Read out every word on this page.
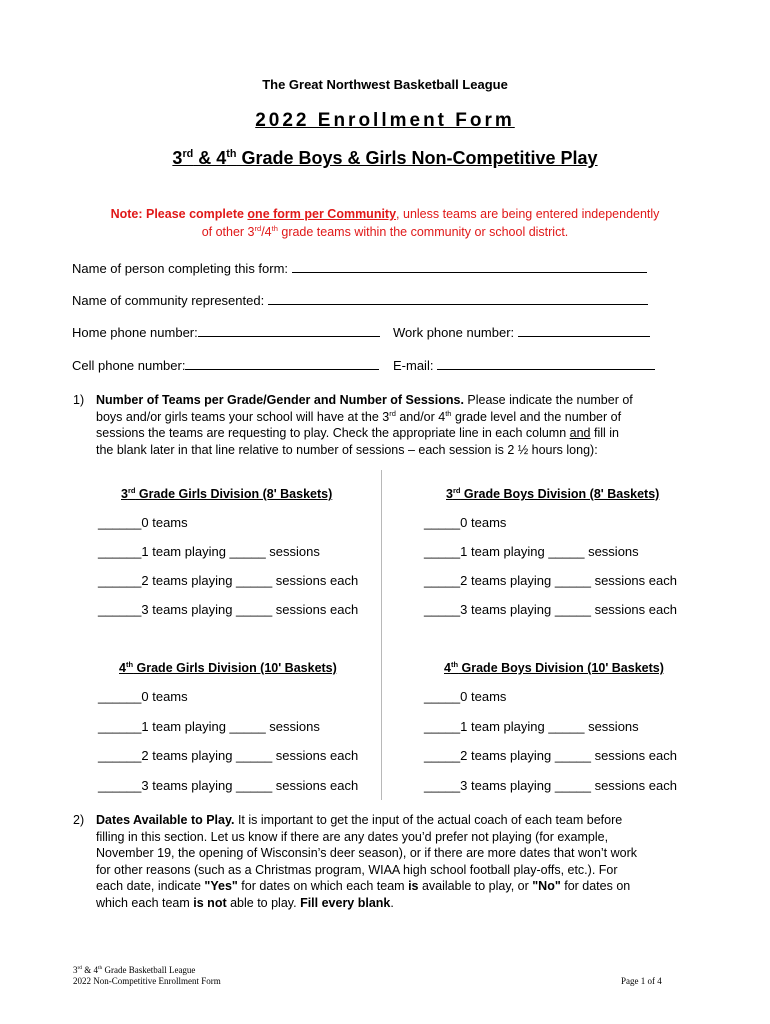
The Great Northwest Basketball League
2022 Enrollment Form
3rd & 4th Grade Boys & Girls Non-Competitive Play
Note: Please complete one form per Community, unless teams are being entered independently
of other 3rd/4th grade teams within the community or school district.
Name of person completing this form:
Name of community represented:
Home phone number:	Work phone number:
Cell phone number:	E-mail:
1) Number of Teams per Grade/Gender and Number of Sessions. Please indicate the number of
boys and/or girls teams your school will have at the 3rd and/or 4th grade level and the number of
sessions the teams are requesting to play. Check the appropriate line in each column and fill in
the blank later in that line relative to number of sessions – each session is 2 ½ hours long):
3rd Grade Girls Division (8' Baskets)	3rd Grade Boys Division (8' Baskets)
______0 teams
______1 team playing _____ sessions
______2 teams playing _____ sessions each
______3 teams playing _____ sessions each
_____0 teams
_____1 team playing _____ sessions
_____2 teams playing _____ sessions each
_____3 teams playing _____ sessions each
4th Grade Girls Division (10' Baskets)	4th Grade Boys Division (10' Baskets)
______0 teams
______1 team playing _____ sessions
______2 teams playing _____ sessions each
______3 teams playing _____ sessions each
_____0 teams
_____1 team playing _____ sessions
_____2 teams playing _____ sessions each
_____3 teams playing _____ sessions each
2) Dates Available to Play. It is important to get the input of the actual coach of each team before
filling in this section. Let us know if there are any dates you’d prefer not playing (for example,
November 19, the opening of Wisconsin’s deer season), or if there are more dates that won’t work
for other reasons (such as a Christmas program, WIAA high school football play-offs, etc.). For
each date, indicate "Yes" for dates on which each team is available to play, or "No" for dates on
which each team is not able to play. Fill every blank.
3rd & 4th Grade Basketball League
2022 Non-Competitive Enrollment Form	Page 1 of 4
